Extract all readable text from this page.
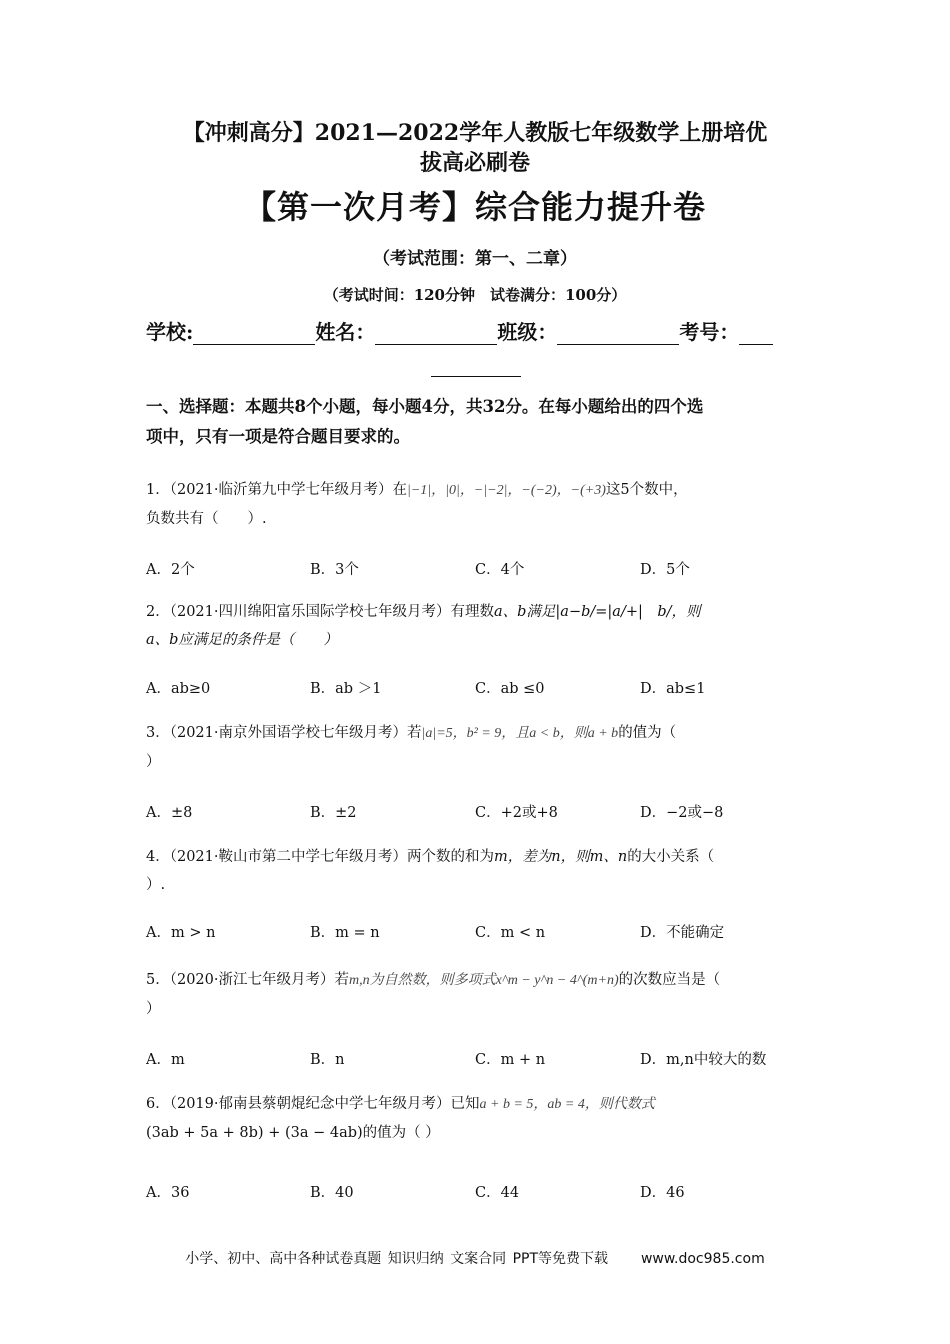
【冲刺高分】2021—2022学年人教版七年级数学上册培优
拔高必刷卷
【第一次月考】综合能力提升卷
（考试范围：第一、二章）
（考试时间：120分钟　试卷满分：100分）
学校:	姓名：	班级：	考号：
一、选择题：本题共8个小题，每小题4分，共32分。在每小题给出的四个选
项中，只有一项是符合题目要求的。
1．（2021·临沂第九中学七年级月考）在|−1|，|0|，−|−2|，−(−2)，−(+3)这5个数中，
负数共有（　　）.
A．2个	B．3个	C．4个	D．5个
2．（2021·四川绵阳富乐国际学校七年级月考）有理数a、b满足|a−b/=|a/+|　b/，则
a、b应满足的条件是（　　）
A．ab≥0	B．ab ＞1	C．ab ≤0	D．ab≤1
3．（2021·南京外国语学校七年级月考）若|a|=5，b² = 9，且a < b，则a + b的值为（
）
A．±8	B．±2	C．+2或+8	D．−2或−8
4．（2021·鞍山市第二中学七年级月考）两个数的和为m，差为n，则m、n的大小关系（
）.
A．m > n	B．m = n	C．m < n	D．不能确定
5．（2020·浙江七年级月考）若m,n为自然数，则多项式x^m − y^n − 4^(m+n)的次数应当是（
）
A．m	B．n	C．m + n	D．m,n中较大的数
6．（2019·郁南县蔡朝焜纪念中学七年级月考）已知a + b = 5，ab = 4，则代数式
(3ab + 5a + 8b) + (3a − 4ab)的值为（ ）
A．36	B．40	C．44	D．46
小学、初中、高中各种试卷真题 知识归纳 文案合同 PPT等免费下载 www.doc985.com
